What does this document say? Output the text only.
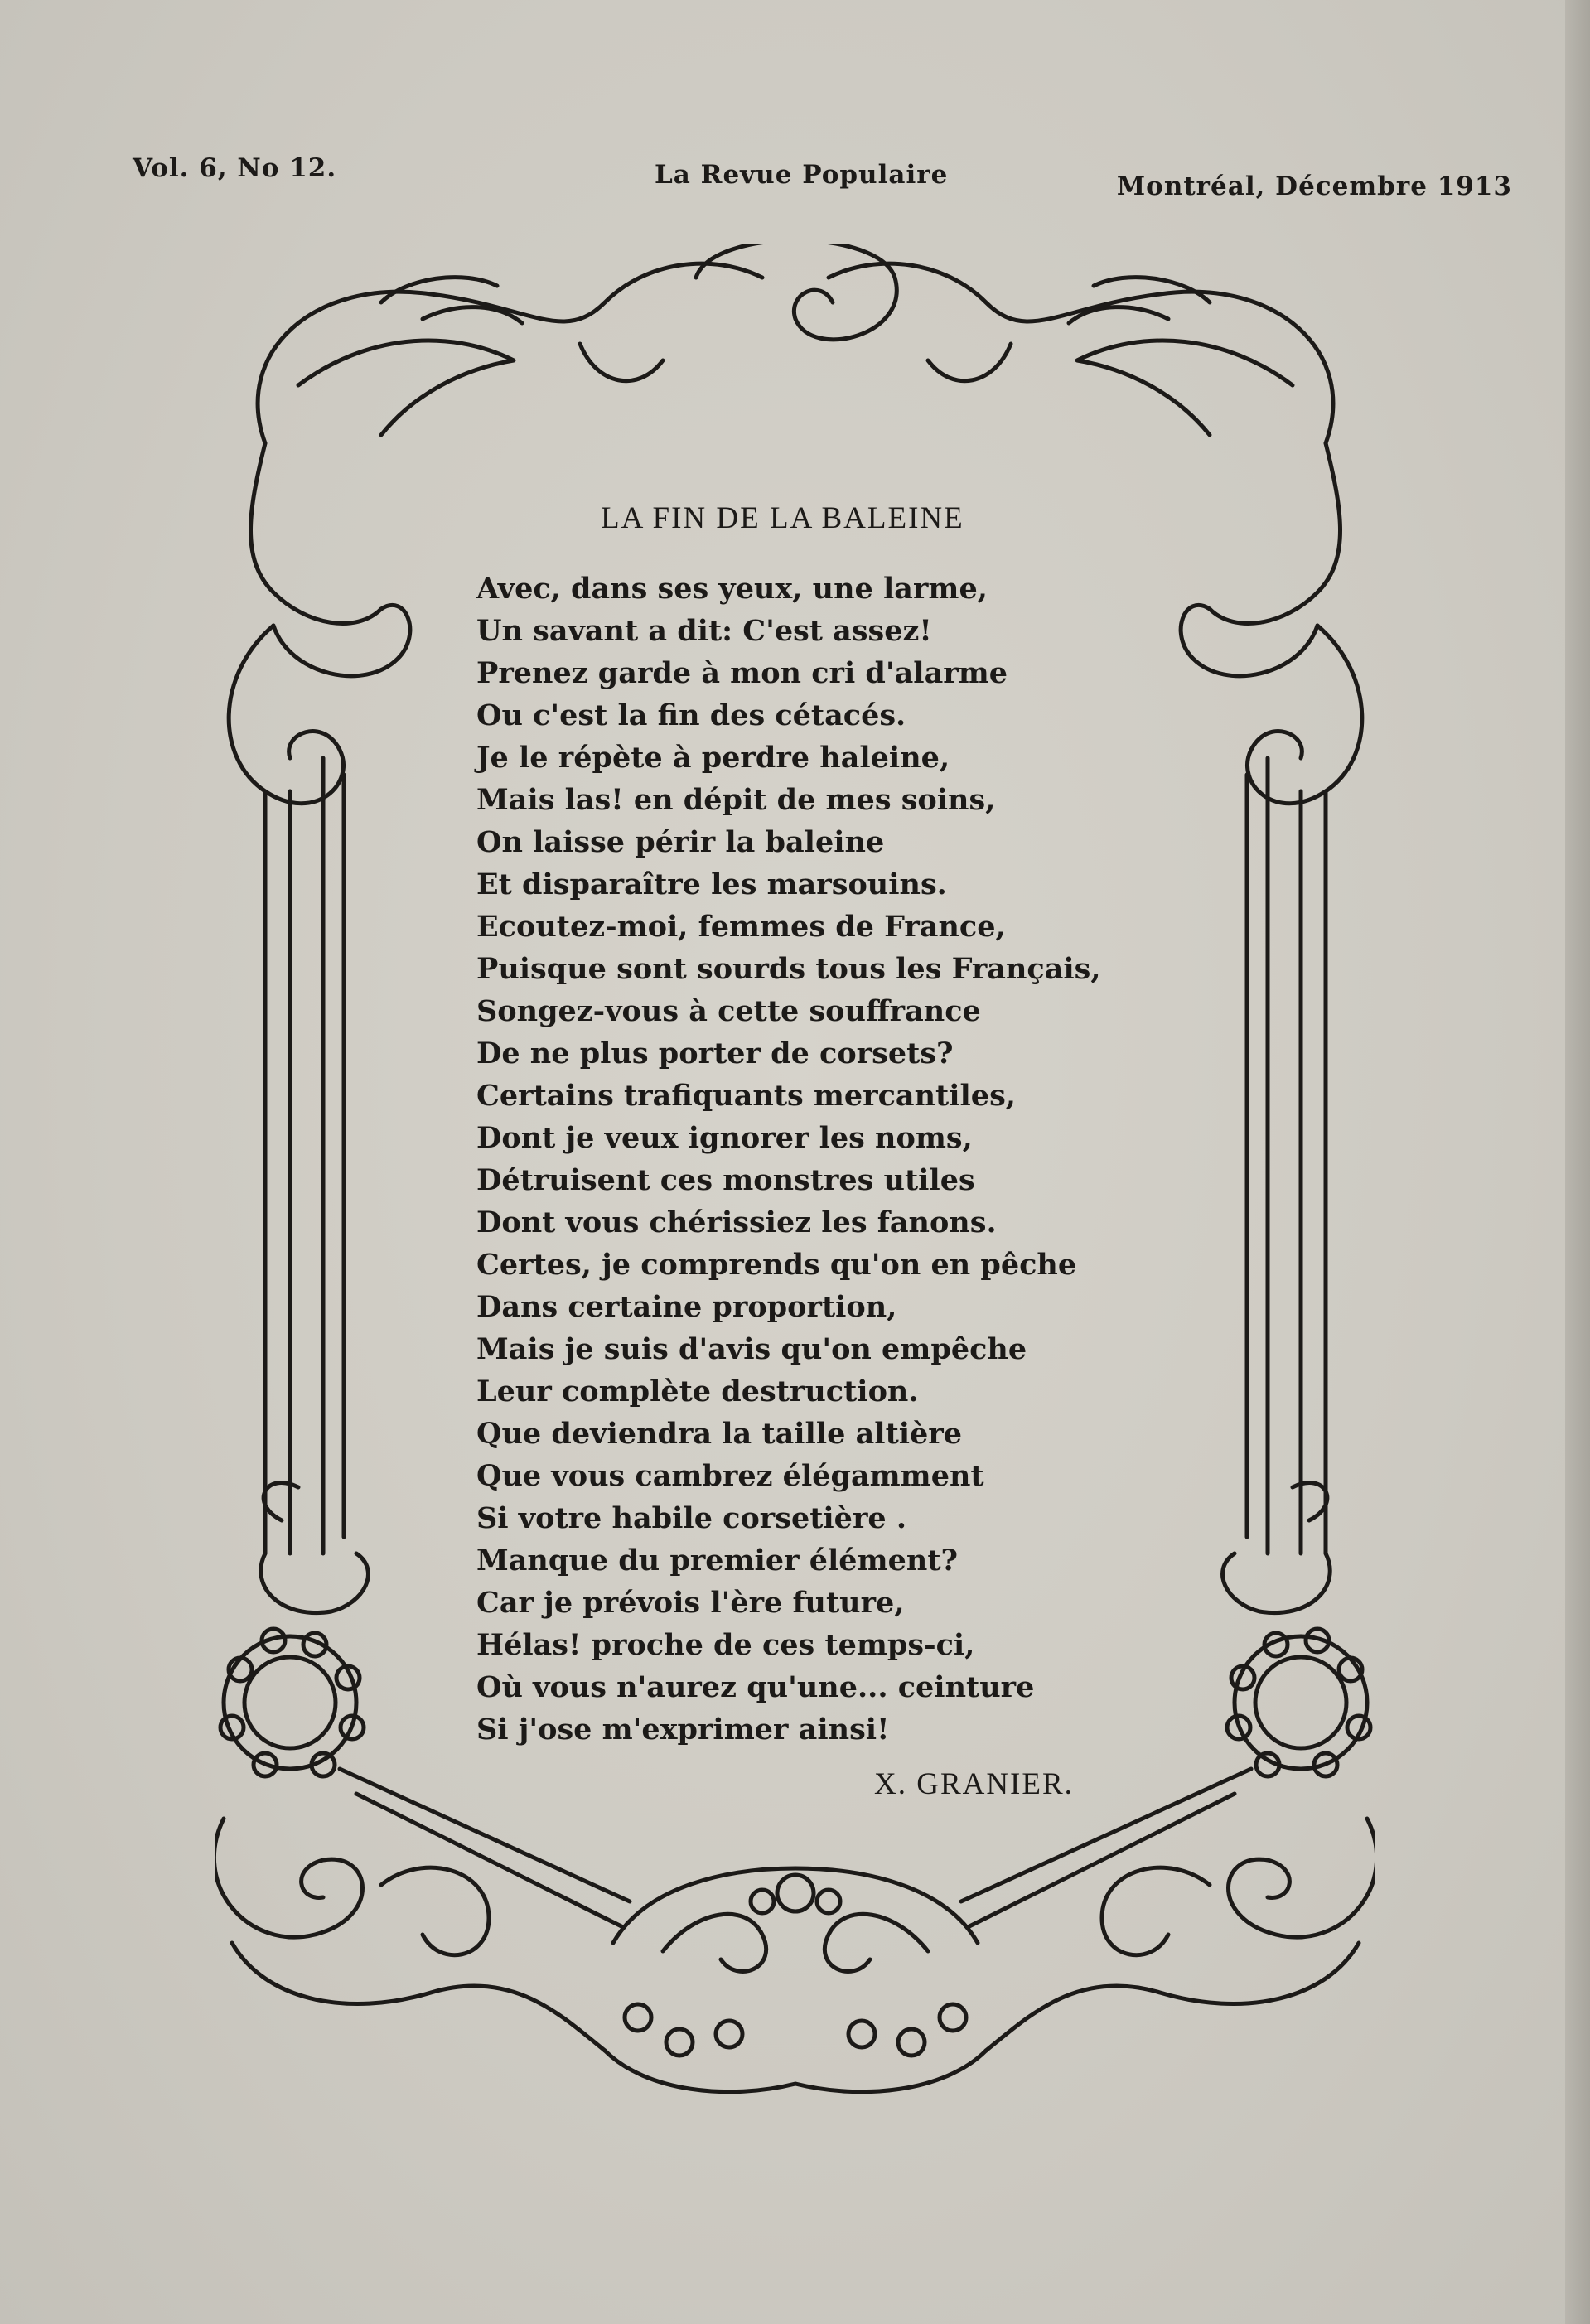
Vol. 6, No 12.	La Revue Populaire	Montréal, Décembre 1913
LA FIN DE LA BALEINE
Avec, dans ses yeux, une larme,
Un savant a dit: C'est assez!
Prenez garde à mon cri d'alarme
Ou c'est la fin des cétacés.
Je le répète à perdre haleine,
Mais las! en dépit de mes soins,
On laisse périr la baleine
Et disparaître les marsouins.
Ecoutez-moi, femmes de France,
Puisque sont sourds tous les Français,
Songez-vous à cette souffrance
De ne plus porter de corsets?
Certains trafiquants mercantiles,
Dont je veux ignorer les noms,
Détruisent ces monstres utiles
Dont vous chérissiez les fanons.
Certes, je comprends qu'on en pêche
Dans certaine proportion,
Mais je suis d'avis qu'on empêche
Leur complète destruction.
Que deviendra la taille altière
Que vous cambrez élégamment
Si votre habile corsetière .
Manque du premier élément?
Car je prévois l'ère future,
Hélas! proche de ces temps-ci,
Où vous n'aurez qu'une... ceinture
Si j'ose m'exprimer ainsi!
X. GRANIER.
